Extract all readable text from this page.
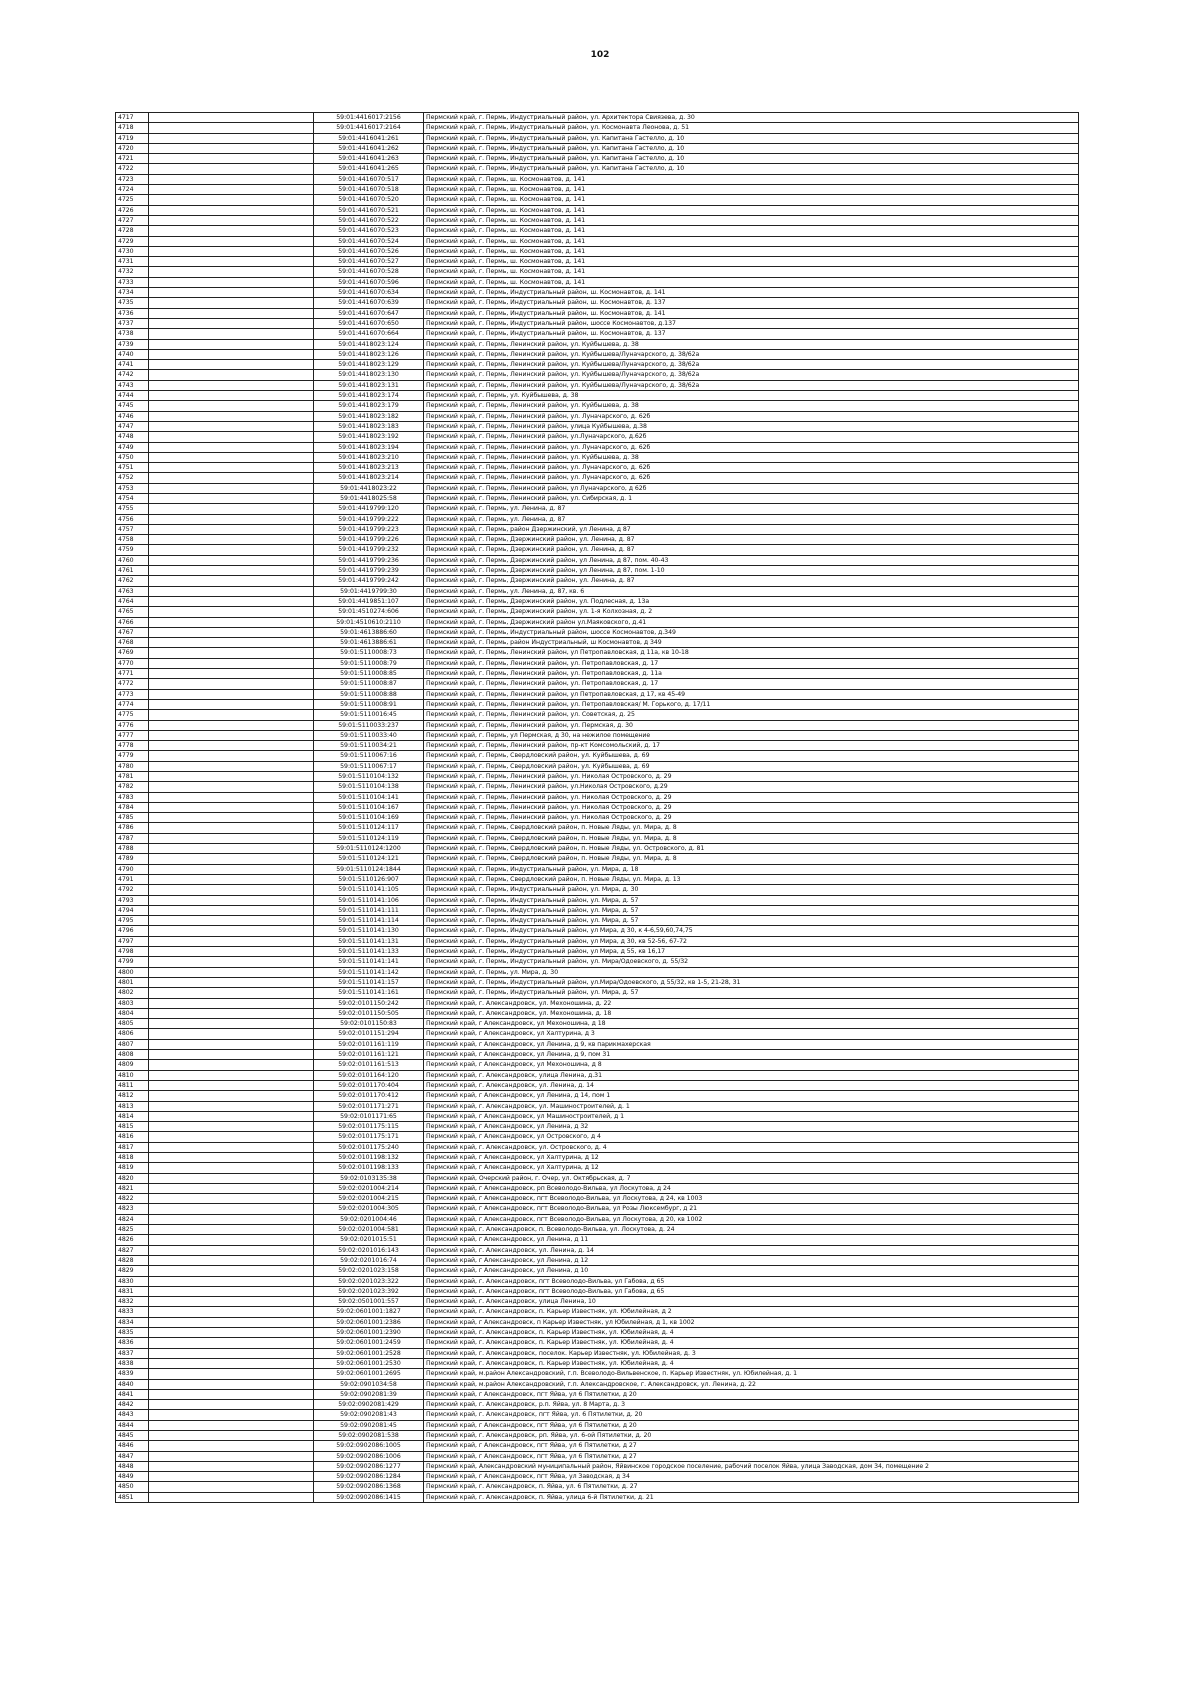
102
4717		59:01:4416017:2156	Пермский край, г. Пермь, Индустриальный район, ул. Архитектора Свиязева, д. 30
4718		59:01:4416017:2164	Пермский край, г. Пермь, Индустриальный район, ул. Космонавта Леонова, д. 51
4719		59:01:4416041:261	Пермский край, г. Пермь, Индустриальный район, ул. Капитана Гастелло, д. 10
4720		59:01:4416041:262	Пермский край, г. Пермь, Индустриальный район, ул. Капитана Гастелло, д. 10
4721		59:01:4416041:263	Пермский край, г. Пермь, Индустриальный район, ул. Капитана Гастелло, д. 10
4722		59:01:4416041:265	Пермский край, г. Пермь, Индустриальный район, ул. Капитана Гастелло, д. 10
4723		59:01:4416070:517	Пермский край, г. Пермь, ш. Космонавтов, д. 141
4724		59:01:4416070:518	Пермский край, г. Пермь, ш. Космонавтов, д. 141
4725		59:01:4416070:520	Пермский край, г. Пермь, ш. Космонавтов, д. 141
4726		59:01:4416070:521	Пермский край, г. Пермь, ш. Космонавтов, д. 141
4727		59:01:4416070:522	Пермский край, г. Пермь, ш. Космонавтов, д. 141
4728		59:01:4416070:523	Пермский край, г. Пермь, ш. Космонавтов, д. 141
4729		59:01:4416070:524	Пермский край, г. Пермь, ш. Космонавтов, д. 141
4730		59:01:4416070:526	Пермский край, г. Пермь, ш. Космонавтов, д. 141
4731		59:01:4416070:527	Пермский край, г. Пермь, ш. Космонавтов, д. 141
4732		59:01:4416070:528	Пермский край, г. Пермь, ш. Космонавтов, д. 141
4733		59:01:4416070:596	Пермский край, г. Пермь, ш. Космонавтов, д. 141
4734		59:01:4416070:634	Пермский край, г. Пермь, Индустриальный район, ш. Космонавтов, д. 141
4735		59:01:4416070:639	Пермский край, г. Пермь, Индустриальный район, ш. Космонавтов, д. 137
4736		59:01:4416070:647	Пермский край, г. Пермь, Индустриальный район, ш. Космонавтов, д. 141
4737		59:01:4416070:650	Пермский край, г. Пермь, Индустриальный район, шоссе Космонавтов, д.137
4738		59:01:4416070:664	Пермский край, г. Пермь, Индустриальный район, ш. Космонавтов, д. 137
4739		59:01:4418023:124	Пермский край, г. Пермь, Ленинский район, ул. Куйбышева, д. 38
4740		59:01:4418023:126	Пермский край, г. Пермь, Ленинский район, ул. Куйбышева/Луначарского, д. 38/62а
4741		59:01:4418023:129	Пермский край, г. Пермь, Ленинский район, ул. Куйбышева/Луначарского, д. 38/62а
4742		59:01:4418023:130	Пермский край, г. Пермь, Ленинский район, ул. Куйбышева/Луначарского, д. 38/62а
4743		59:01:4418023:131	Пермский край, г. Пермь, Ленинский район, ул. Куйбышева/Луначарского, д. 38/62а
4744		59:01:4418023:174	Пермский край, г. Пермь, ул. Куйбышева, д. 38
4745		59:01:4418023:179	Пермский край, г. Пермь, Ленинский район, ул. Куйбышева, д. 38
4746		59:01:4418023:182	Пермский край, г. Пермь, Ленинский район, ул. Луначарского, д. 62б
4747		59:01:4418023:183	Пермский край, г. Пермь, Ленинский район, улица Куйбышева, д.38
4748		59:01:4418023:192	Пермский край, г. Пермь, Ленинский район, ул.Луначарского, д.62б
4749		59:01:4418023:194	Пермский край, г. Пермь, Ленинский район, ул. Луначарского, д. 62б
4750		59:01:4418023:210	Пермский край, г. Пермь, Ленинский район, ул. Куйбышева, д. 38
4751		59:01:4418023:213	Пермский край, г. Пермь, Ленинский район, ул. Луначарского, д. 62б
4752		59:01:4418023:214	Пермский край, г. Пермь, Ленинский район, ул. Луначарского, д. 62б
4753		59:01:4418023:22	Пермский край, г. Пермь, Ленинский район, ул Луначарского, д 62б
4754		59:01:4418025:58	Пермский край, г. Пермь, Ленинский район, ул. Сибирская, д. 1
4755		59:01:4419799:120	Пермский край, г. Пермь, ул. Ленина, д. 87
4756		59:01:4419799:222	Пермский край, г. Пермь, ул. Ленина, д. 87
4757		59:01:4419799:223	Пермский край, г. Пермь, район Дзержинский, ул Ленина, д 87
4758		59:01:4419799:226	Пермский край, г. Пермь, Дзержинский район, ул. Ленина, д. 87
4759		59:01:4419799:232	Пермский край, г. Пермь, Дзержинский район, ул. Ленина, д. 87
4760		59:01:4419799:236	Пермский край, г. Пермь, Дзержинский район, ул Ленина, д 87, пом. 40-43
4761		59:01:4419799:239	Пермский край, г. Пермь, Дзержинский район, ул Ленина, д 87, пом. 1-10
4762		59:01:4419799:242	Пермский край, г. Пермь, Дзержинский район, ул. Ленина, д. 87
4763		59:01:4419799:30	Пермский край, г. Пермь, ул. Ленина, д. 87, кв. 6
4764		59:01:4419851:107	Пермский край, г. Пермь, Дзержинский район, ул. Подлесная, д. 13а
4765		59:01:4510274:606	Пермский край, г. Пермь, Дзержинский район, ул. 1-я Колхозная, д. 2
4766		59:01:4510610:2110	Пермский край, г. Пермь, Дзержинский район ул.Маяковского, д.41
4767		59:01:4613886:60	Пермский край, г. Пермь, Индустриальный район, шоссе Космонавтов, д.349
4768		59:01:4613886:61	Пермский край, г. Пермь, район Индустриальный, ш Космонавтов, д 349
4769		59:01:5110008:73	Пермский край, г. Пермь, Ленинский район, ул Петропавловская, д 11а, кв 10-18
4770		59:01:5110008:79	Пермский край, г. Пермь, Ленинский район, ул. Петропавловская, д. 17
4771		59:01:5110008:85	Пермский край, г. Пермь, Ленинский район, ул. Петропавловская, д. 11а
4772		59:01:5110008:87	Пермский край, г. Пермь, Ленинский район, ул. Петропавловская, д. 17
4773		59:01:5110008:88	Пермский край, г. Пермь, Ленинский район, ул Петропавловская, д 17, кв 45-49
4774		59:01:5110008:91	Пермский край, г. Пермь, Ленинский район, ул. Петропавловская/ М. Горького, д. 17/11
4775		59:01:5110016:45	Пермский край, г. Пермь, Ленинский район, ул. Советская, д. 25
4776		59:01:5110033:237	Пермский край, г. Пермь, Ленинский район, ул. Пермская, д. 30
4777		59:01:5110033:40	Пермский край, г. Пермь, ул Пермская, д 30, на нежилое помещение
4778		59:01:5110034:21	Пермский край, г. Пермь, Ленинский район, пр-кт Комсомольский, д. 17
4779		59:01:5110067:16	Пермский край, г. Пермь, Свердловский район, ул. Куйбышева, д. 69
4780		59:01:5110067:17	Пермский край, г. Пермь, Свердловский район, ул. Куйбышева, д. 69
4781		59:01:5110104:132	Пермский край, г. Пермь, Ленинский район, ул. Николая Островского, д. 29
4782		59:01:5110104:138	Пермский край, г. Пермь, Ленинский район, ул.Николая Островского, д.29
4783		59:01:5110104:141	Пермский край, г. Пермь, Ленинский район, ул. Николая Островского, д. 29
4784		59:01:5110104:167	Пермский край, г. Пермь, Ленинский район, ул. Николая Островского, д. 29
4785		59:01:5110104:169	Пермский край, г. Пермь, Ленинский район, ул. Николая Островского, д. 29
4786		59:01:5110124:117	Пермский край, г. Пермь, Свердловский район, п. Новые Ляды, ул. Мира, д. 8
4787		59:01:5110124:119	Пермский край, г. Пермь, Свердловский район, п. Новые Ляды, ул. Мира, д. 8
4788		59:01:5110124:1200	Пермский край, г. Пермь, Свердловский район, п. Новые Ляды, ул. Островского, д. 81
4789		59:01:5110124:121	Пермский край, г. Пермь, Свердловский район, п. Новые Ляды, ул. Мира, д. 8
4790		59:01:5110124:1844	Пермский край, г. Пермь, Индустриальный район, ул. Мира, д. 18
4791		59:01:5110126:907	Пермский край, г. Пермь, Свердловский район, п. Новые Ляды, ул. Мира, д. 13
4792		59:01:5110141:105	Пермский край, г. Пермь, Индустриальный район, ул. Мира, д. 30
4793		59:01:5110141:106	Пермский край, г. Пермь, Индустриальный район, ул. Мира, д. 57
4794		59:01:5110141:111	Пермский край, г. Пермь, Индустриальный район, ул. Мира, д. 57
4795		59:01:5110141:114	Пермский край, г. Пермь, Индустриальный район, ул. Мира, д. 57
4796		59:01:5110141:130	Пермский край, г. Пермь, Индустриальный район, ул Мира, д 30, к 4-6,59,60,74,75
4797		59:01:5110141:131	Пермский край, г. Пермь, Индустриальный район, ул Мира, д 30, кв 52-56, 67-72
4798		59:01:5110141:133	Пермский край, г. Пермь, Индустриальный район, ул Мира, д 55, кв 16,17
4799		59:01:5110141:141	Пермский край, г. Пермь, Индустриальный район, ул. Мира/Одоевского, д. 55/32
4800		59:01:5110141:142	Пермский край, г. Пермь, ул. Мира, д. 30
4801		59:01:5110141:157	Пермский край, г. Пермь, Индустриальный район, ул.Мира/Одоевского, д 55/32, кв 1-5, 21-28, 31
4802		59:01:5110141:161	Пермский край, г. Пермь, Индустриальный район, ул. Мира, д. 57
4803		59:02:0101150:242	Пермский край, г. Александровск, ул. Мехоношина, д. 22
4804		59:02:0101150:505	Пермский край, г. Александровск, ул. Мехоношина, д. 18
4805		59:02:0101150:83	Пермский край, г Александровск, ул Мехоношина, д 18
4806		59:02:0101151:294	Пермский край, г Александровск, ул Халтурина, д 3
4807		59:02:0101161:119	Пермский край, г Александровск, ул Ленина, д 9, кв парикмахерская
4808		59:02:0101161:121	Пермский край, г Александровск, ул Ленина, д 9, пом 31
4809		59:02:0101161:513	Пермский край, г Александровск, ул Мехоношина, д 8
4810		59:02:0101164:120	Пермский край, г. Александровск, улица Ленина, д.31
4811		59:02:0101170:404	Пермский край, г. Александровск, ул. Ленина, д. 14
4812		59:02:0101170:412	Пермский край, г Александровск, ул Ленина, д 14, пом 1
4813		59:02:0101171:271	Пермский край, г. Александровск, ул. Машиностроителей, д. 1
4814		59:02:0101171:65	Пермский край, г Александровск, ул Машиностроителей, д 1
4815		59:02:0101175:115	Пермский край, г Александровск, ул Ленина, д 32
4816		59:02:0101175:171	Пермский край, г Александровск, ул Островского, д 4
4817		59:02:0101175:240	Пермский край, г. Александровск, ул. Островского, д. 4
4818		59:02:0101198:132	Пермский край, г Александровск, ул Халтурина, д 12
4819		59:02:0101198:133	Пермский край, г Александровск, ул Халтурина, д 12
4820		59:02:0103135:38	Пермский край, Очерский район, г. Очер, ул. Октябрьская, д. 7
4821		59:02:0201004:214	Пермский край, г Александровск, рп Всеволодо-Вильва, ул Лоскутова, д 24
4822		59:02:0201004:215	Пермский край, г Александровск, пгт Всеволодо-Вильва, ул Лоскутова, д 24, кв 1003
4823		59:02:0201004:305	Пермский край, г Александровск, пгт Всеволодо-Вильва, ул Розы Люксембург, д 21
4824		59:02:0201004:46	Пермский край, г Александровск, пгт Всеволодо-Вильва, ул Лоскутова, д 20, кв 1002
4825		59:02:0201004:581	Пермский край, г. Александровск, п. Всеволодо-Вильва, ул. Лоскутова, д. 24
4826		59:02:0201015:51	Пермский край, г Александровск, ул Ленина, д 11
4827		59:02:0201016:143	Пермский край, г. Александровск, ул. Ленина, д. 14
4828		59:02:0201016:74	Пермский край, г Александровск, ул Ленина, д 12
4829		59:02:0201023:158	Пермский край, г Александровск, ул Ленина, д 10
4830		59:02:0201023:322	Пермский край, г. Александровск, пгт Всеволодо-Вильва, ул Габова, д 65
4831		59:02:0201023:392	Пермский край, г. Александровск, пгт Всеволодо-Вильва, ул Габова, д 65
4832		59:02:0501001:557	Пермский край, г. Александровск, улица Ленина, 10
4833		59:02:0601001:1827	Пермский край, г. Александровск, п. Карьер Известняк, ул. Юбилейная, д 2
4834		59:02:0601001:2386	Пермский край, г Александровск, п Карьер Известняк, ул Юбилейная, д 1, кв 1002
4835		59:02:0601001:2390	Пермский край, г. Александровск, п. Карьер Известняк, ул. Юбилейная, д. 4
4836		59:02:0601001:2459	Пермский край, г. Александровск, п. Карьер Известняк, ул. Юбилейная, д. 4
4837		59:02:0601001:2528	Пермский край, г. Александровск, поселок. Карьер Известняк, ул. Юбилейная, д. 3
4838		59:02:0601001:2530	Пермский край, г. Александровск, п. Карьер Известняк, ул. Юбилейная, д. 4
4839		59:02:0601001:2695	Пермский край, м.район Александровский, г.п. Всеволодо-Вильвенское, п. Карьер Известняк, ул. Юбилейная, д. 1
4840		59:02:0901034:58	Пермский край, м.район Александровский, г.п. Александровское, г. Александровск, ул. Ленина, д. 22
4841		59:02:0902081:39	Пермский край, г Александровск, пгт Яйва, ул 6 Пятилетки, д 20
4842		59:02:0902081:429	Пермский край, г. Александровск, р.п. Яйва, ул. 8 Марта, д. 3
4843		59:02:0902081:43	Пермский край, г. Александровск, пгт Яйва, ул. 6 Пятилетки, д. 20
4844		59:02:0902081:45	Пермский край, г Александровск, пгт Яйва, ул 6 Пятилетки, д 20
4845		59:02:0902081:538	Пермский край, г. Александровск, рп. Яйва, ул. 6-ой Пятилетки, д. 20
4846		59:02:0902086:1005	Пермский край, г Александровск, пгт Яйва, ул 6 Пятилетки, д 27
4847		59:02:0902086:1006	Пермский край, г Александровск, пгт Яйва, ул 6 Пятилетки, д 27
4848		59:02:0902086:1277	Пермский край, Александровский муниципальный район, Яйвинское городское поселение, рабочий поселок Яйва, улица Заводская, дом 34, помещение 2
4849		59:02:0902086:1284	Пермский край, г Александровск, пгт Яйва, ул Заводская, д 34
4850		59:02:0902086:1368	Пермский край, г. Александровск, п. Яйва, ул. 6 Пятилетки, д. 27
4851		59:02:0902086:1415	Пермский край, г. Александровск, п. Яйва, улица 6-й Пятилетки, д. 21
